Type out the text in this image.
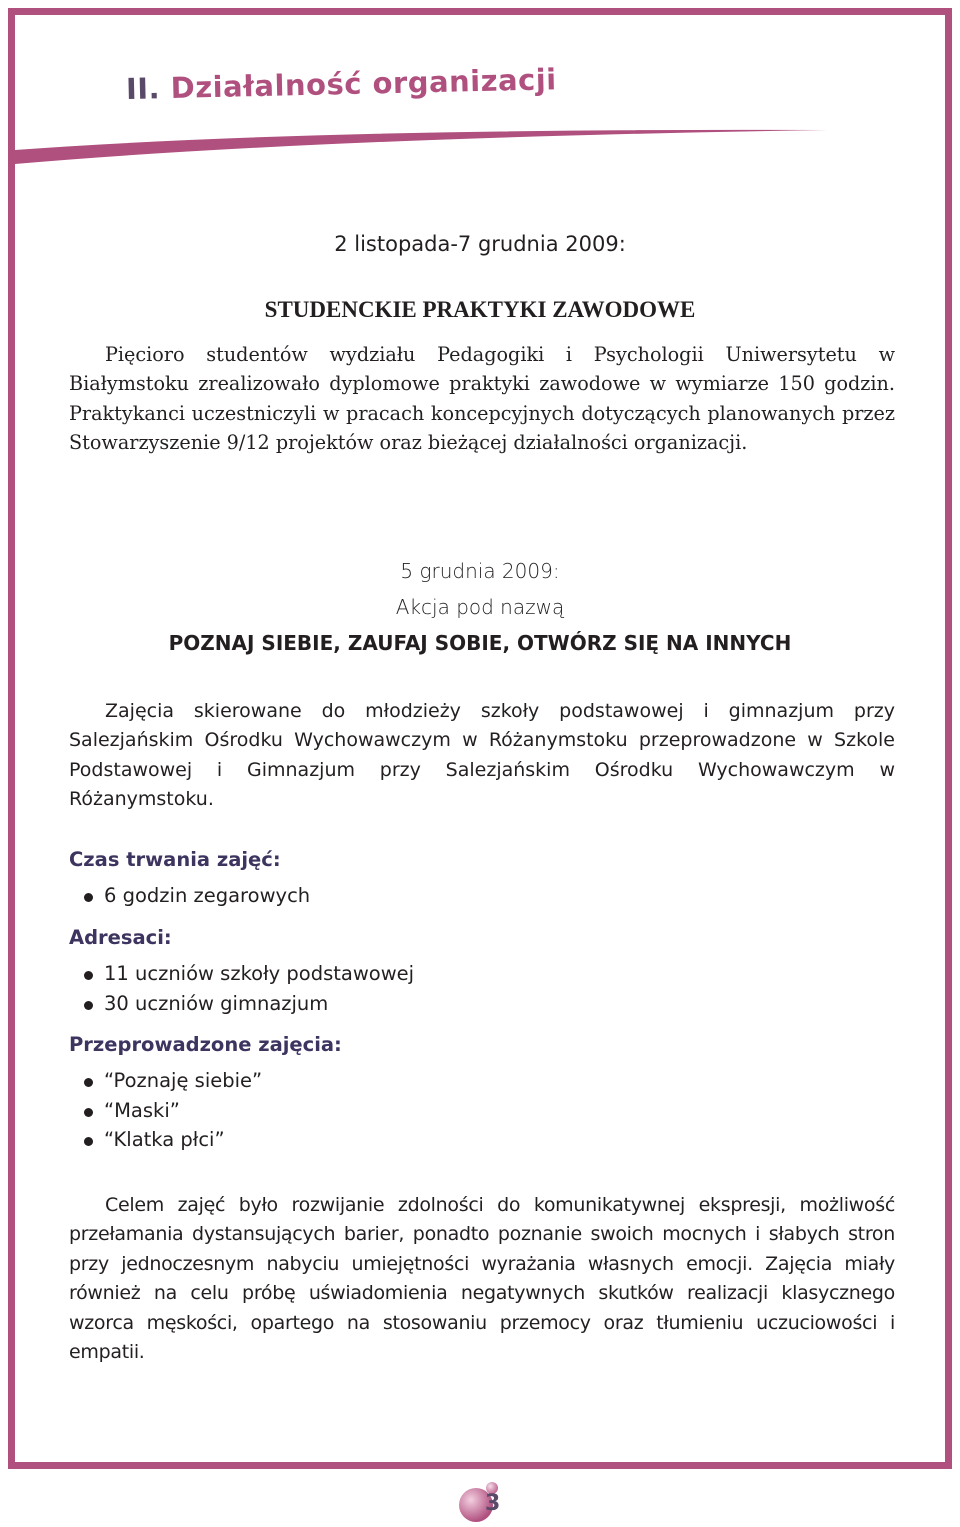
II. Działalność organizacji
2 listopada-7 grudnia 2009:
STUDENCKIE PRAKTYKI ZAWODOWE
Pięcioro studentów wydziału Pedagogiki i Psychologii Uniwersytetu w Białymstoku zrealizowało dyplomowe praktyki zawodowe w wymiarze 150 godzin. Praktykanci uczestniczyli w pracach koncepcyjnych dotyczących planowanych przez Stowarzyszenie 9/12 projektów oraz bieżącej działalności organizacji.
5 grudnia 2009:
Akcja pod nazwą
POZNAJ SIEBIE, ZAUFAJ SOBIE, OTWÓRZ SIĘ NA INNYCH
Zajęcia skierowane do młodzieży szkoły podstawowej i gimnazjum przy Salezjańskim Ośrodku Wychowawczym w Różanymstoku przeprowadzone w Szkole Podstawowej i Gimnazjum przy Salezjańskim Ośrodku Wychowawczym w Różanymstoku.
Czas trwania zajęć:
6 godzin zegarowych
Adresaci:
11 uczniów szkoły podstawowej
30 uczniów gimnazjum
Przeprowadzone zajęcia:
“Poznaję siebie”
“Maski”
“Klatka płci”
Celem zajęć było rozwijanie zdolności do komunikatywnej ekspresji, możliwość przełamania dystansujących barier, ponadto poznanie swoich mocnych i słabych stron przy jednoczesnym nabyciu umiejętności wyrażania własnych emocji. Zajęcia miały również na celu próbę uświadomienia negatywnych skutków realizacji klasycznego wzorca męskości, opartego na stosowaniu przemocy oraz tłumieniu uczuciowości i empatii.
3
